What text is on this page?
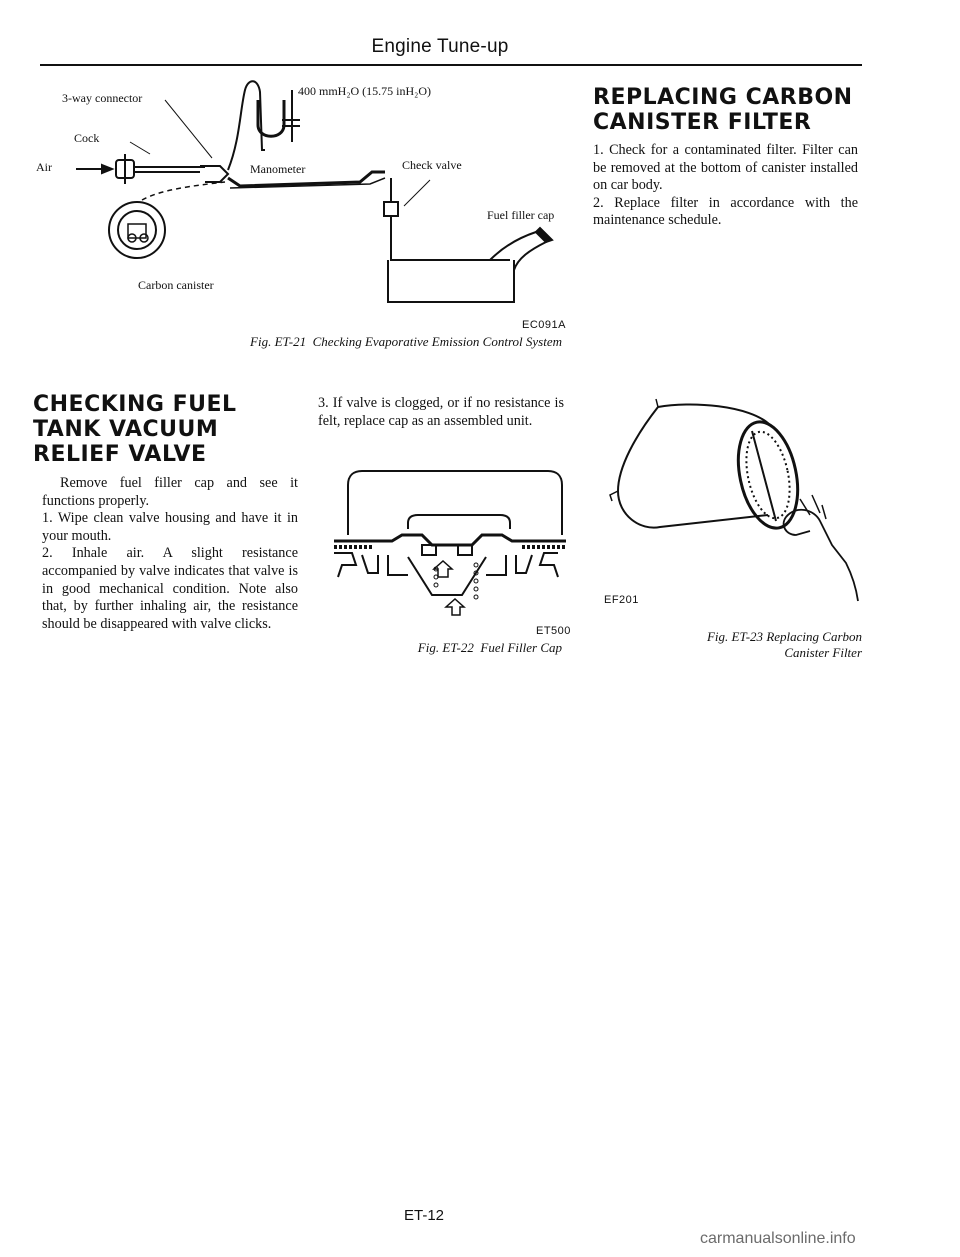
Engine Tune-up
3-way connector
Cock
Air	Manometer
400 mmH₂O (15.75 inH₂O)
Check valve
Fuel filler cap
Carbon canister
EC091A
Fig. ET-21 Checking Evaporative Emission Control System
REPLACING CARBON
CANISTER FILTER

1. Check for a contaminated filter. Filter can be removed at the bottom of canister installed on car body.

2. Replace filter in accordance with the maintenance schedule.

CHECKING FUEL
TANK VACUUM
RELIEF VALVE

Remove fuel filler cap and see it functions properly.

1. Wipe clean valve housing and have it in your mouth.

2. Inhale air. A slight resistance accompanied by valve indicates that valve is in good mechanical condition. Note also that, by further inhaling air, the resistance should be disappeared with valve clicks.

3. If valve is clogged, or if no resistance is felt, replace cap as an assembled unit.

ET500
Fig. ET-22 Fuel Filler Cap
EF201
Fig. ET-23 Replacing Carbon
Canister Filter
ET-12
carmanualsonline.info
